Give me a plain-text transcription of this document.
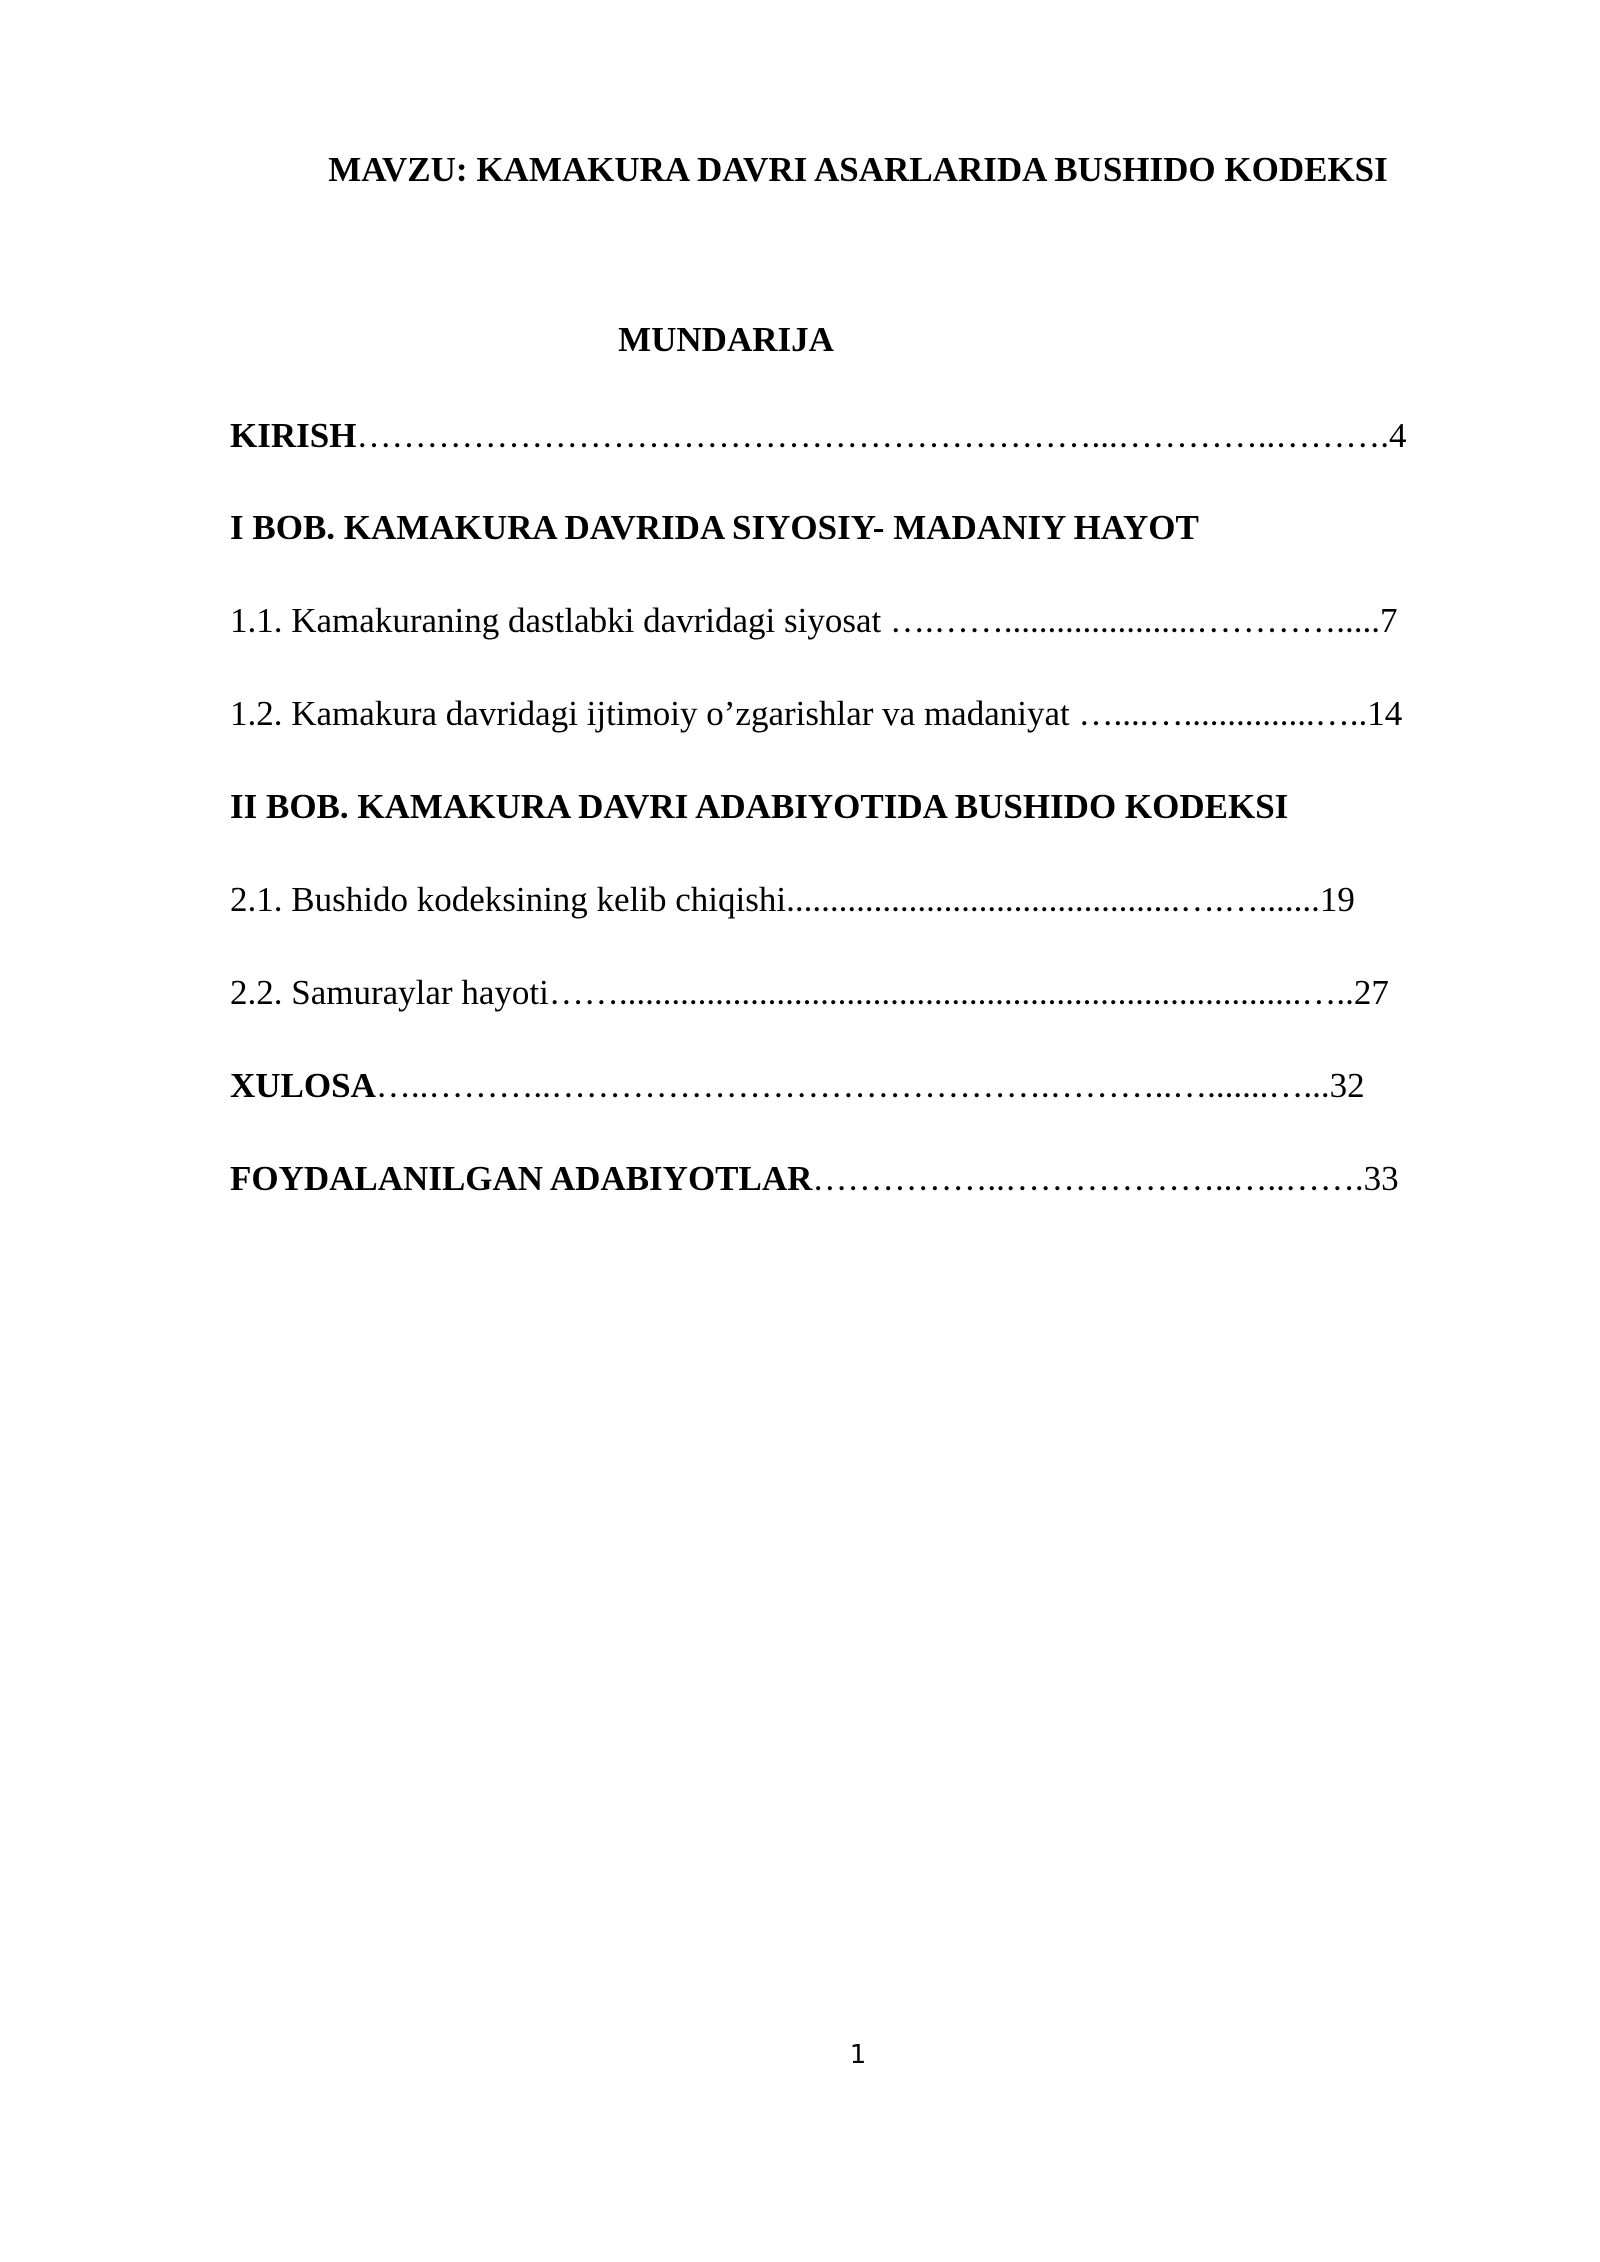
MAVZU: KAMAKURA DAVRI ASARLARIDA BUSHIDO KODEKSI
MUNDARIJA
KIRISH………………………………………………………...…………..……….4
I BOB. KAMAKURA DAVRIDA SIYOSIY- MADANIY HAYOT
1.1. Kamakuraning dastlabki davridagi siyosat ….……......................………….....7
1.2. Kamakura davridagi ijtimoiy o’zgarishlar va madaniyat …....…...............…..14
II BOB. KAMAKURA DAVRI ADABIYOTIDA BUSHIDO KODEKSI
2.1. Bushido kodeksining kelib chiqishi.............................................….….......19
2.2. Samuraylar hayoti……..............................................................................…..27
XULOSA…..………..…………………………………….………..….......…...32
FOYDALANILGAN ADABIYOTLAR……………..………………..…..…….33
1
